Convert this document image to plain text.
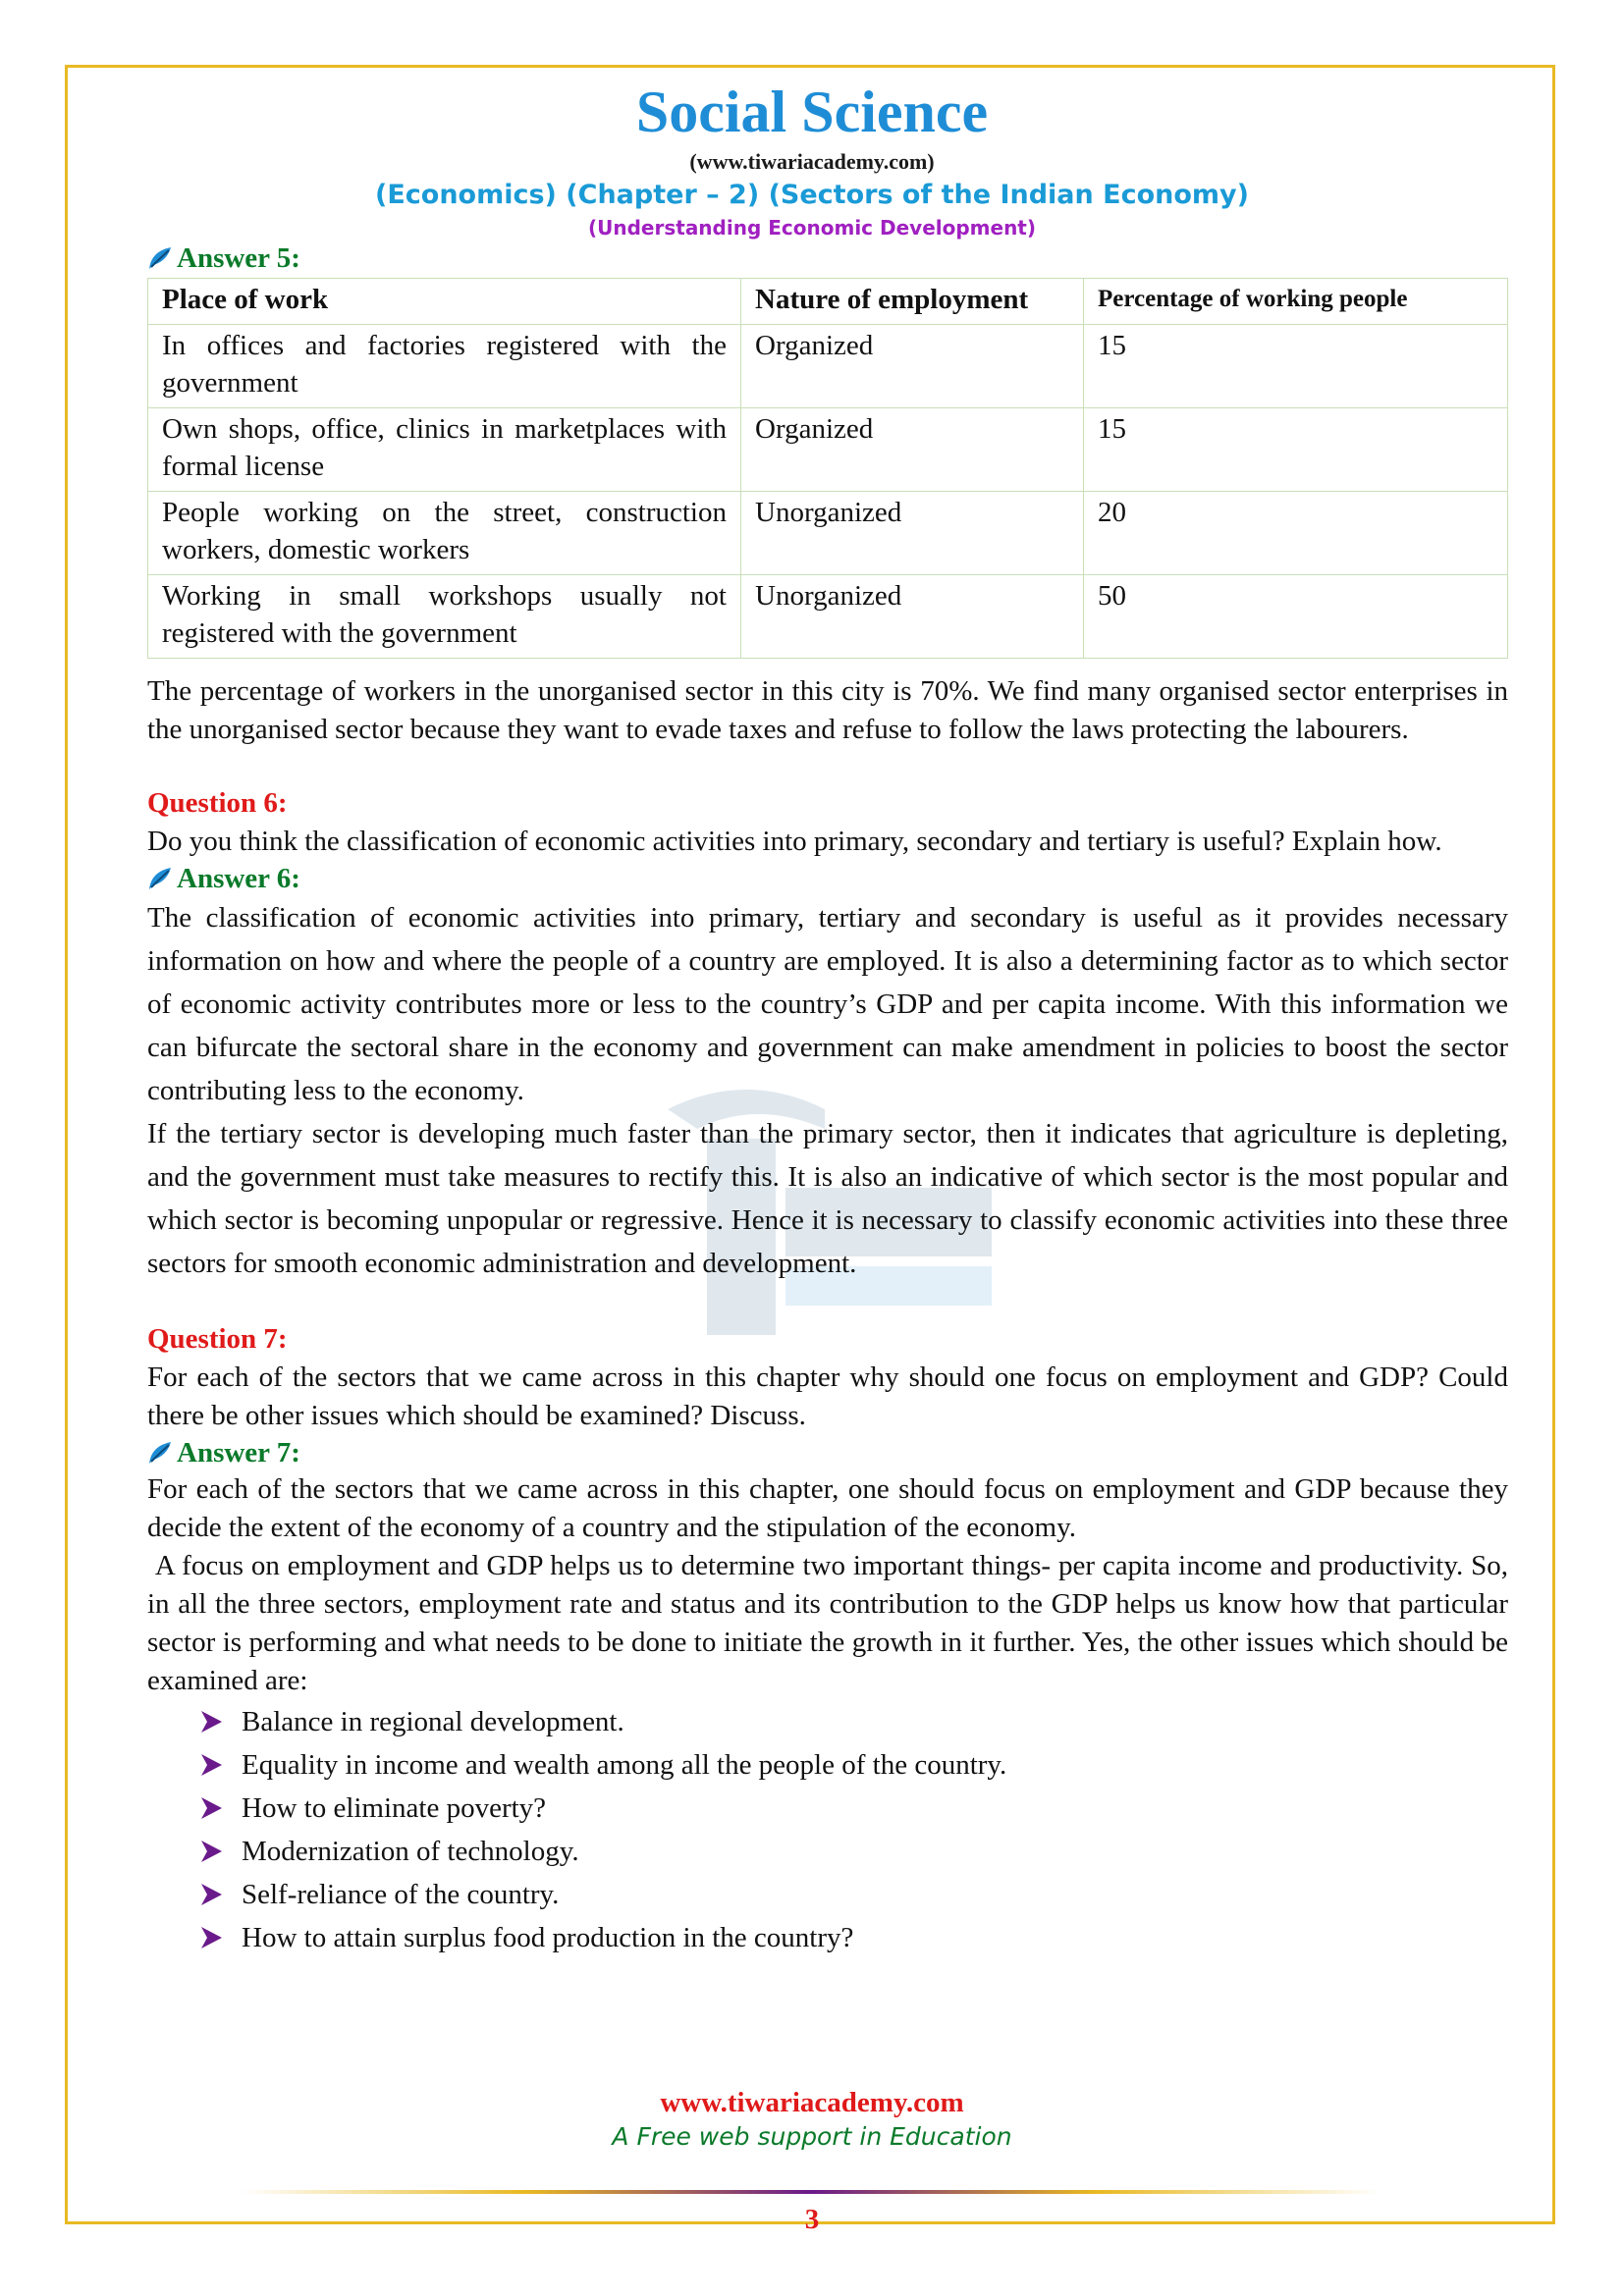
Social Science
(www.tiwariacademy.com)
(Economics) (Chapter – 2) (Sectors of the Indian Economy)
(Understanding Economic Development)
Answer 5:
Place of work	Nature of employment	Percentage of working people
In offices and factories registered with the government	Organized	15
Own shops, office, clinics in marketplaces with formal license	Organized	15
People working on the street, construction workers, domestic workers	Unorganized	20
Working in small workshops usually not registered with the government	Unorganized	50

The percentage of workers in the unorganised sector in this city is 70%. We find many organised sector enterprises in the unorganised sector because they want to evade taxes and refuse to follow the laws protecting the labourers.

Question 6:

Do you think the classification of economic activities into primary, secondary and tertiary is useful? Explain how.

Answer 6:

The classification of economic activities into primary, tertiary and secondary is useful as it provides necessary information on how and where the people of a country are employed. It is also a determining factor as to which sector of economic activity contributes more or less to the country’s GDP and per capita income. With this information we can bifurcate the sectoral share in the economy and government can make amendment in policies to boost the sector contributing less to the economy.

If the tertiary sector is developing much faster than the primary sector, then it indicates that agriculture is depleting, and the government must take measures to rectify this. It is also an indicative of which sector is the most popular and which sector is becoming unpopular or regressive. Hence it is necessary to classify economic activities into these three sectors for smooth economic administration and development.

Question 7:

For each of the sectors that we came across in this chapter why should one focus on employment and GDP? Could there be other issues which should be examined? Discuss.

Answer 7:

For each of the sectors that we came across in this chapter, one should focus on employment and GDP because they decide the extent of the economy of a country and the stipulation of the economy.

A focus on employment and GDP helps us to determine two important things- per capita income and productivity. So, in all the three sectors, employment rate and status and its contribution to the GDP helps us know how that particular sector is performing and what needs to be done to initiate the growth in it further. Yes, the other issues which should be examined are:

Balance in regional development.
Equality in income and wealth among all the people of the country.
How to eliminate poverty?
Modernization of technology.
Self-reliance of the country.
How to attain surplus food production in the country?
www.tiwariacademy.com
A Free web support in Education
3
